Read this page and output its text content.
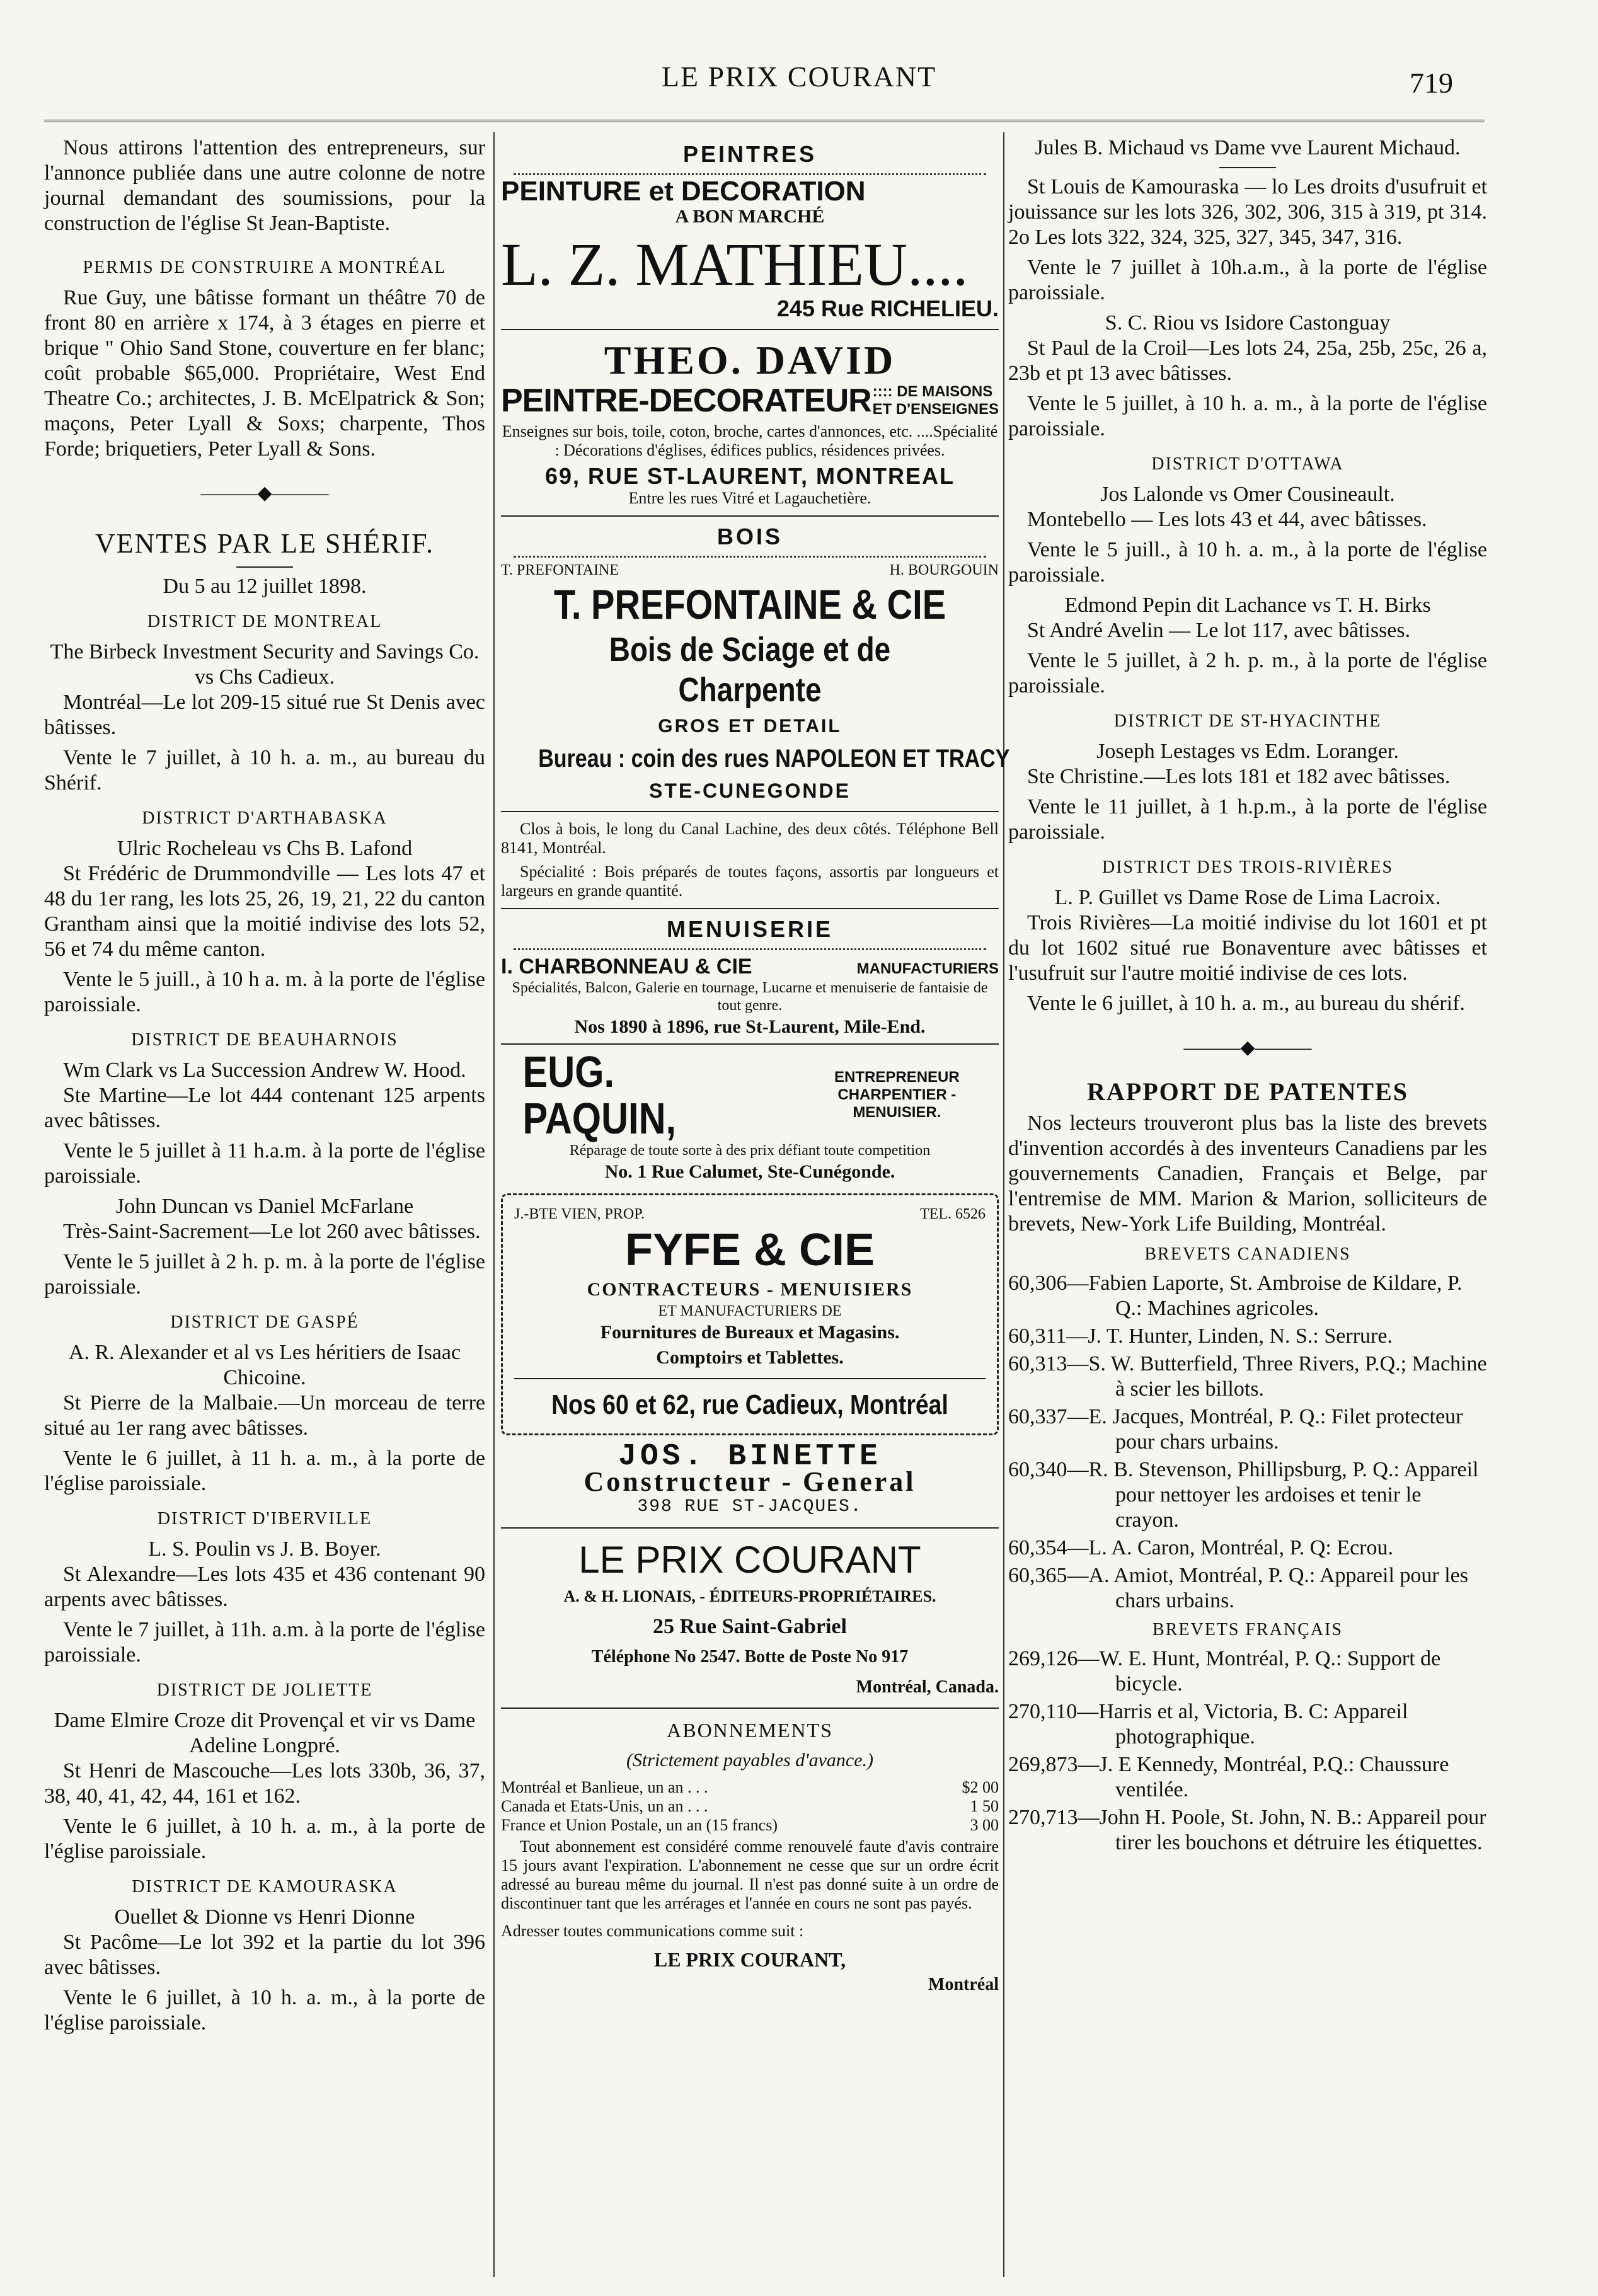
LE PRIX COURANT	719

Nous attirons l'attention des entrepreneurs, sur l'annonce publiée dans une autre colonne de notre journal demandant des soumissions, pour la construction de l'église St Jean-Baptiste.

PERMIS DE CONSTRUIRE A MONTRÉAL

Rue Guy, une bâtisse formant un théâtre 70 de front 80 en arrière x 174, à 3 étages en pierre et brique " Ohio Sand Stone, couverture en fer blanc; coût probable $65,000. Propriétaire, West End Theatre Co.; architectes, J. B. McElpatrick & Son; maçons, Peter Lyall & Soxs; charpente, Thos Forde; briquetiers, Peter Lyall & Sons.

———◆———
VENTES PAR LE SHÉRIF.
Du 5 au 12 juillet 1898.
DISTRICT DE MONTREAL
The Birbeck Investment Security and Savings Co. vs Chs Cadieux.

Montréal—Le lot 209-15 situé rue St Denis avec bâtisses.

Vente le 7 juillet, à 10 h. a. m., au bureau du Shérif.

DISTRICT D'ARTHABASKA
Ulric Rocheleau vs Chs B. Lafond

St Frédéric de Drummondville — Les lots 47 et 48 du 1er rang, les lots 25, 26, 19, 21, 22 du canton Grantham ainsi que la moitié indivise des lots 52, 56 et 74 du même canton.

Vente le 5 juill., à 10 h a. m. à la porte de l'église paroissiale.

DISTRICT DE BEAUHARNOIS
Wm Clark vs La Succession Andrew W. Hood.

Ste Martine—Le lot 444 contenant 125 arpents avec bâtisses.

Vente le 5 juillet à 11 h.a.m. à la porte de l'église paroissiale.

John Duncan vs Daniel McFarlane

Très-Saint-Sacrement—Le lot 260 avec bâtisses.

Vente le 5 juillet à 2 h. p. m. à la porte de l'église paroissiale.

DISTRICT DE GASPÉ
A. R. Alexander et al vs Les héritiers de Isaac Chicoine.

St Pierre de la Malbaie.—Un morceau de terre situé au 1er rang avec bâtisses.

Vente le 6 juillet, à 11 h. a. m., à la porte de l'église paroissiale.

DISTRICT D'IBERVILLE
L. S. Poulin vs J. B. Boyer.

St Alexandre—Les lots 435 et 436 contenant 90 arpents avec bâtisses.

Vente le 7 juillet, à 11h. a.m. à la porte de l'église paroissiale.

DISTRICT DE JOLIETTE
Dame Elmire Croze dit Provençal et vir vs Dame Adeline Longpré.

St Henri de Mascouche—Les lots 330b, 36, 37, 38, 40, 41, 42, 44, 161 et 162.

Vente le 6 juillet, à 10 h. a. m., à la porte de l'église paroissiale.

DISTRICT DE KAMOURASKA
Ouellet & Dionne vs Henri Dionne

St Pacôme—Le lot 392 et la partie du lot 396 avec bâtisses.

Vente le 6 juillet, à 10 h. a. m., à la porte de l'église paroissiale.

PEINTRES
PEINTURE et DECORATION
A BON MARCHÉ
L. Z. MATHIEU....
245 Rue RICHELIEU.
THEO. DAVID
PEINTRE-DECORATEUR :::: DE MAISONS
ET D'ENSEIGNES
Enseignes sur bois, toile, coton, broche, cartes d'annonces, etc. ....Spécialité : Décorations d'églises, édifices publics, résidences privées.
69, RUE ST-LAURENT, MONTREAL
Entre les rues Vitré et Lagauchetière.
BOIS
T. PREFONTAINE	H. BOURGOUIN
T. PREFONTAINE & CIE
Bois de Sciage et de Charpente
GROS ET DETAIL
Bureau : coin des rues NAPOLEON ET TRACY
STE-CUNEGONDE

Clos à bois, le long du Canal Lachine, des deux côtés. Téléphone Bell 8141, Montréal.

Spécialité : Bois préparés de toutes façons, assortis par longueurs et largeurs en grande quantité.

MENUISERIE
I. CHARBONNEAU & CIE	MANUFACTURIERS
Spécialités, Balcon, Galerie en tournage, Lucarne et menuiserie de fantaisie de tout genre.
Nos 1890 à 1896, rue St-Laurent, Mile-End.
EUG. PAQUIN,
ENTREPRENEUR
CHARPENTIER - MENUISIER.
Réparage de toute sorte à des prix défiant toute competition
No. 1 Rue Calumet, Ste-Cunégonde.
J.-BTE VIEN, PROP.	TEL. 6526
FYFE & CIE
CONTRACTEURS - MENUISIERS
ET MANUFACTURIERS DE
Fournitures de Bureaux et Magasins.
Comptoirs et Tablettes.
Nos 60 et 62, rue Cadieux, Montréal
JOS. BINETTE
Constructeur - General
398 RUE ST-JACQUES.
LE PRIX COURANT
A. & H. LIONAIS, - ÉDITEURS-PROPRIÉTAIRES.
25 Rue Saint-Gabriel
Téléphone No 2547. Botte de Poste No 917
Montréal, Canada.
ABONNEMENTS
(Strictement payables d'avance.)
Montréal et Banlieue, un an . . .	$2 00
Canada et Etats-Unis, un an . . .	1 50
France et Union Postale, un an (15 francs)	3 00

Tout abonnement est considéré comme renouvelé faute d'avis contraire 15 jours avant l'expiration. L'abonnement ne cesse que sur un ordre écrit adressé au bureau même du journal. Il n'est pas donné suite à un ordre de discontinuer tant que les arrérages et l'année en cours ne sont pas payés.

Adresser toutes communications comme suit :

LE PRIX COURANT,
Montréal
Jules B. Michaud vs Dame vve Laurent Michaud.

St Louis de Kamouraska — lo Les droits d'usufruit et jouissance sur les lots 326, 302, 306, 315 à 319, pt 314. 2o Les lots 322, 324, 325, 327, 345, 347, 316.

Vente le 7 juillet à 10h.a.m., à la porte de l'église paroissiale.

S. C. Riou vs Isidore Castonguay

St Paul de la Croil—Les lots 24, 25a, 25b, 25c, 26 a, 23b et pt 13 avec bâtisses.

Vente le 5 juillet, à 10 h. a. m., à la porte de l'église paroissiale.

DISTRICT D'OTTAWA
Jos Lalonde vs Omer Cousineault.

Montebello — Les lots 43 et 44, avec bâtisses.

Vente le 5 juill., à 10 h. a. m., à la porte de l'église paroissiale.

Edmond Pepin dit Lachance vs T. H. Birks

St André Avelin — Le lot 117, avec bâtisses.

Vente le 5 juillet, à 2 h. p. m., à la porte de l'église paroissiale.

DISTRICT DE ST-HYACINTHE
Joseph Lestages vs Edm. Loranger.

Ste Christine.—Les lots 181 et 182 avec bâtisses.

Vente le 11 juillet, à 1 h.p.m., à la porte de l'église paroissiale.

DISTRICT DES TROIS-RIVIÈRES
L. P. Guillet vs Dame Rose de Lima Lacroix.

Trois Rivières—La moitié indivise du lot 1601 et pt du lot 1602 situé rue Bonaventure avec bâtisses et l'usufruit sur l'autre moitié indivise de ces lots.

Vente le 6 juillet, à 10 h. a. m., au bureau du shérif.

———◆———
RAPPORT DE PATENTES

Nos lecteurs trouveront plus bas la liste des brevets d'invention accordés à des inventeurs Canadiens par les gouvernements Canadien, Français et Belge, par l'entremise de MM. Marion & Marion, solliciteurs de brevets, New-York Life Building, Montréal.

BREVETS CANADIENS

60,306—Fabien Laporte, St. Ambroise de Kildare, P. Q.: Machines agricoles.

60,311—J. T. Hunter, Linden, N. S.: Serrure.

60,313—S. W. Butterfield, Three Rivers, P.Q.; Machine à scier les billots.

60,337—E. Jacques, Montréal, P. Q.: Filet protecteur pour chars urbains.

60,340—R. B. Stevenson, Phillipsburg, P. Q.: Appareil pour nettoyer les ardoises et tenir le crayon.

60,354—L. A. Caron, Montréal, P. Q: Ecrou.

60,365—A. Amiot, Montréal, P. Q.: Appareil pour les chars urbains.

BREVETS FRANÇAIS

269,126—W. E. Hunt, Montréal, P. Q.: Support de bicycle.

270,110—Harris et al, Victoria, B. C: Appareil photographique.

269,873—J. E Kennedy, Montréal, P.Q.: Chaussure ventilée.

270,713—John H. Poole, St. John, N. B.: Appareil pour tirer les bouchons et détruire les étiquettes.
